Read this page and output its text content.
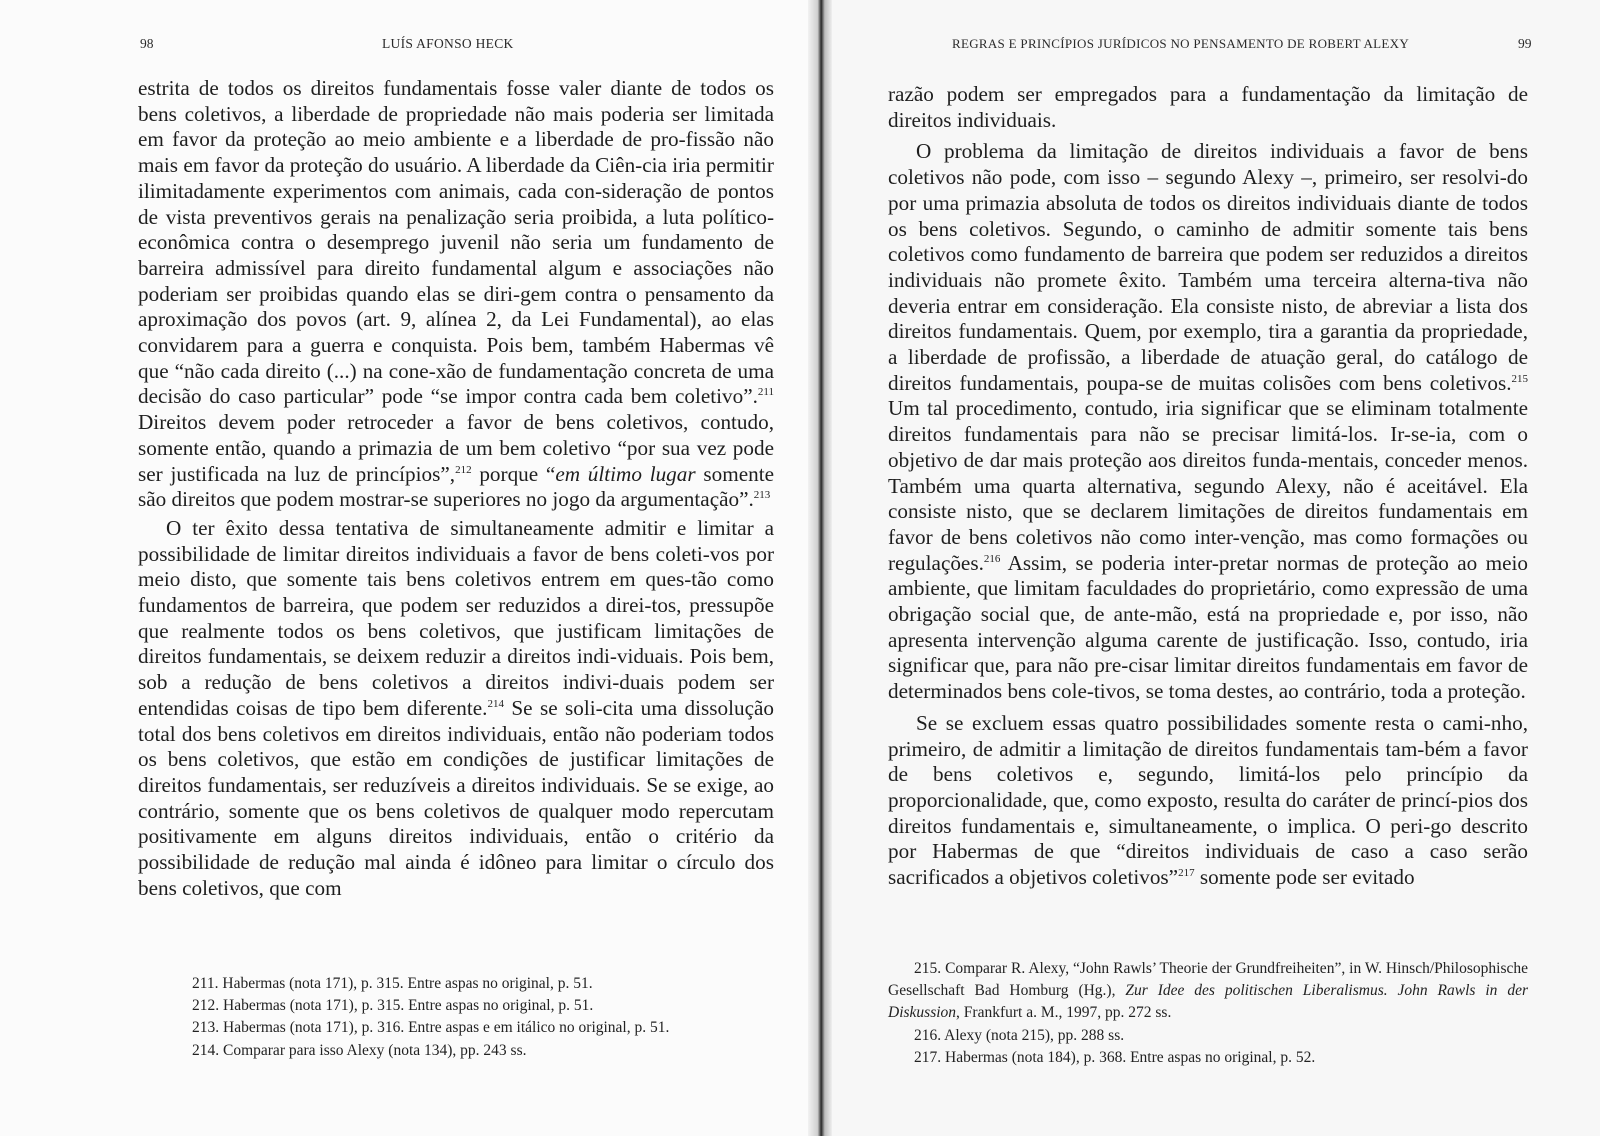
98	LUÍS AFONSO HECK

estrita de todos os direitos fundamentais fosse valer diante de todos os bens coletivos, a liberdade de propriedade não mais poderia ser limitada em favor da proteção ao meio ambiente e a liberdade de pro-fissão não mais em favor da proteção do usuário. A liberdade da Ciên-cia iria permitir ilimitadamente experimentos com animais, cada con-sideração de pontos de vista preventivos gerais na penalização seria proibida, a luta político-econômica contra o desemprego juvenil não seria um fundamento de barreira admissível para direito fundamental algum e associações não poderiam ser proibidas quando elas se diri-gem contra o pensamento da aproximação dos povos (art. 9, alínea 2, da Lei Fundamental), ao elas convidarem para a guerra e conquista. Pois bem, também Habermas vê que “não cada direito (...) na cone-xão de fundamentação concreta de uma decisão do caso particular” pode “se impor contra cada bem coletivo”.$^{211}$ Direitos devem poder retroceder a favor de bens coletivos, contudo, somente então, quando a primazia de um bem coletivo “por sua vez pode ser justificada na luz de princípios”,$^{212}$ porque “em último lugar somente são direitos que podem mostrar-se superiores no jogo da argumentação”.$^{213}$

O ter êxito dessa tentativa de simultaneamente admitir e limitar a possibilidade de limitar direitos individuais a favor de bens coleti-vos por meio disto, que somente tais bens coletivos entrem em ques-tão como fundamentos de barreira, que podem ser reduzidos a direi-tos, pressupõe que realmente todos os bens coletivos, que justificam limitações de direitos fundamentais, se deixem reduzir a direitos indi-viduais. Pois bem, sob a redução de bens coletivos a direitos indivi-duais podem ser entendidas coisas de tipo bem diferente.$^{214}$ Se se soli-cita uma dissolução total dos bens coletivos em direitos individuais, então não poderiam todos os bens coletivos, que estão em condições de justificar limitações de direitos fundamentais, ser reduzíveis a direitos individuais. Se se exige, ao contrário, somente que os bens coletivos de qualquer modo repercutam positivamente em alguns direitos individuais, então o critério da possibilidade de redução mal ainda é idôneo para limitar o círculo dos bens coletivos, que com

211. Habermas (nota 171), p. 315. Entre aspas no original, p. 51.

212. Habermas (nota 171), p. 315. Entre aspas no original, p. 51.

213. Habermas (nota 171), p. 316. Entre aspas e em itálico no original, p. 51.

214. Comparar para isso Alexy (nota 134), pp. 243 ss.

REGRAS E PRINCÍPIOS JURÍDICOS NO PENSAMENTO DE ROBERT ALEXY	99

razão podem ser empregados para a fundamentação da limitação de direitos individuais.

O problema da limitação de direitos individuais a favor de bens coletivos não pode, com isso – segundo Alexy –, primeiro, ser resolvi-do por uma primazia absoluta de todos os direitos individuais diante de todos os bens coletivos. Segundo, o caminho de admitir somente tais bens coletivos como fundamento de barreira que podem ser reduzidos a direitos individuais não promete êxito. Também uma terceira alterna-tiva não deveria entrar em consideração. Ela consiste nisto, de abreviar a lista dos direitos fundamentais. Quem, por exemplo, tira a garantia da propriedade, a liberdade de profissão, a liberdade de atuação geral, do catálogo de direitos fundamentais, poupa-se de muitas colisões com bens coletivos.$^{215}$ Um tal procedimento, contudo, iria significar que se eliminam totalmente direitos fundamentais para não se precisar limitá-los. Ir-se-ia, com o objetivo de dar mais proteção aos direitos funda-mentais, conceder menos. Também uma quarta alternativa, segundo Alexy, não é aceitável. Ela consiste nisto, que se declarem limitações de direitos fundamentais em favor de bens coletivos não como inter-venção, mas como formações ou regulações.$^{216}$ Assim, se poderia inter-pretar normas de proteção ao meio ambiente, que limitam faculdades do proprietário, como expressão de uma obrigação social que, de ante-mão, está na propriedade e, por isso, não apresenta intervenção alguma carente de justificação. Isso, contudo, iria significar que, para não pre-cisar limitar direitos fundamentais em favor de determinados bens cole-tivos, se toma destes, ao contrário, toda a proteção.

Se se excluem essas quatro possibilidades somente resta o cami-nho, primeiro, de admitir a limitação de direitos fundamentais tam-bém a favor de bens coletivos e, segundo, limitá-los pelo princípio da proporcionalidade, que, como exposto, resulta do caráter de princí-pios dos direitos fundamentais e, simultaneamente, o implica. O peri-go descrito por Habermas de que “direitos individuais de caso a caso serão sacrificados a objetivos coletivos”$^{217}$ somente pode ser evitado

215. Comparar R. Alexy, “John Rawls’ Theorie der Grundfreiheiten”, in W. Hinsch/Philosophische Gesellschaft Bad Homburg (Hg.), Zur Idee des politischen Liberalismus. John Rawls in der Diskussion, Frankfurt a. M., 1997, pp. 272 ss.

216. Alexy (nota 215), pp. 288 ss.

217. Habermas (nota 184), p. 368. Entre aspas no original, p. 52.
